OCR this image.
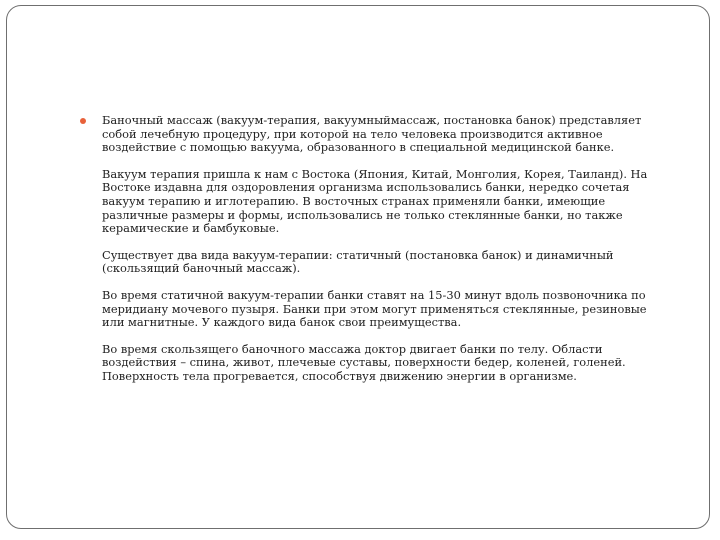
Баночный массаж (вакуум-терапия, вакуумныймассаж, постановка банок) представляет собой лечебную процедуру, при которой на тело человека производится активное воздействие с помощью вакуума, образованного в специальной медицинской банке.

Вакуум терапия пришла к нам с Востока (Япония, Китай, Монголия, Корея, Таиланд). На Востоке издавна для оздоровления организма использовались банки, нередко сочетая вакуум терапию и иглотерапию. В восточных странах применяли банки, имеющие различные размеры и формы, использовались не только стеклянные банки, но также керамические и бамбуковые.

Существует два вида вакуум-терапии: статичный (постановка банок) и динамичный (скользящий баночный массаж).

Во время статичной вакуум-терапии банки ставят на 15-30 минут вдоль позвоночника по меридиану мочевого пузыря. Банки при этом могут применяться стеклянные, резиновые или магнитные. У каждого вида банок свои преимущества.

Во время скользящего баночного массажа доктор двигает банки по телу. Области воздействия – спина, живот, плечевые суставы, поверхности бедер, коленей, голеней. Поверхность тела прогревается, способствуя движению энергии в организме.
